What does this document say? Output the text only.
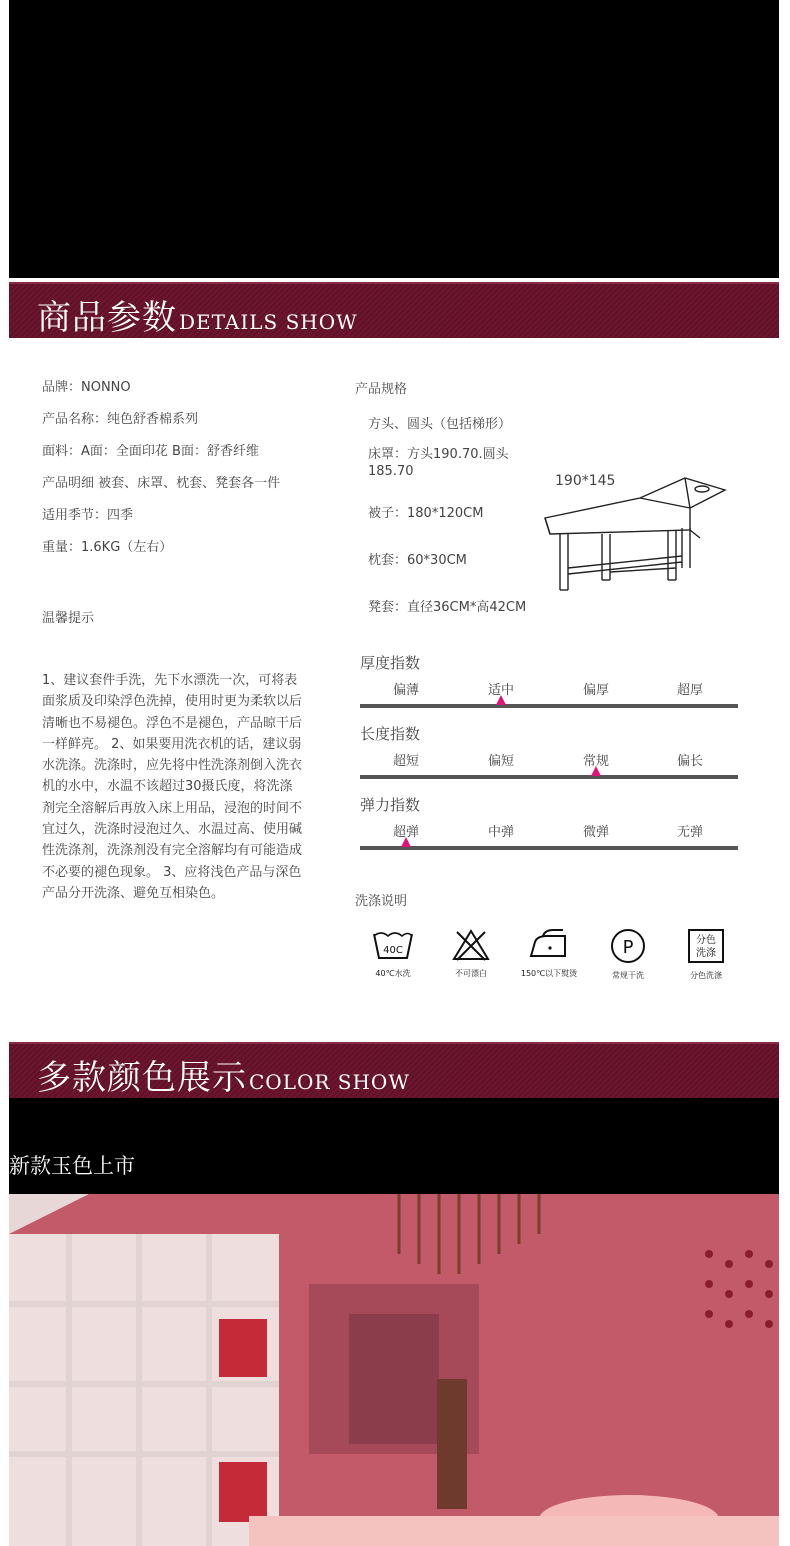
商品参数 DETAILS SHOW
品牌：NONNO
产品名称：纯色舒香棉系列
面料：A面：全面印花 B面：舒香纤维
产品明细 被套、床罩、枕套、凳套各一件
适用季节：四季
重量：1.6KG（左右）
温馨提示
1、建议套件手洗，先下水漂洗一次，可将表面浆质及印染浮色洗掉，使用时更为柔软以后清晰也不易褪色。浮色不是褪色，产品晾干后一样鲜亮。 2、如果要用洗衣机的话，建议弱水洗涤。洗涤时，应先将中性洗涤剂倒入洗衣机的水中，水温不该超过30摄氏度，将洗涤剂完全溶解后再放入床上用品，浸泡的时间不宜过久，洗涤时浸泡过久、水温过高、使用碱性洗涤剂，洗涤剂没有完全溶解均有可能造成不必要的褪色现象。 3、应将浅色产品与深色产品分开洗涤、避免互相染色。
产品规格
方头、圆头（包括梯形）
床罩：方头190.70.圆头
185.70
190*145
被子：180*120CM
枕套：60*30CM
凳套：直径36CM*高42CM
厚度指数
偏薄	适中	偏厚	超厚
长度指数
超短	偏短	常规	偏长
弹力指数
超弹	中弹	微弹	无弹
洗涤说明
40C
40℃水洗	不可漂白	150℃以下熨烫
P
常规干洗
分色
洗涤
分色洗涤
多款颜色展示 COLOR SHOW
新款玉色上市
